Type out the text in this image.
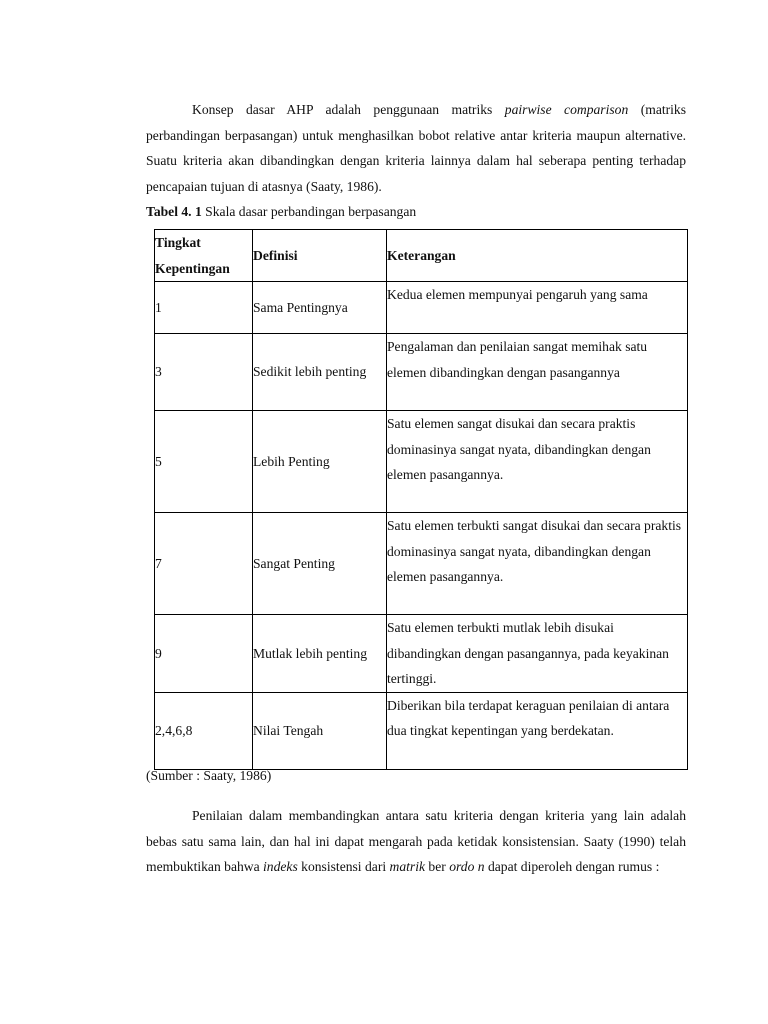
Konsep dasar AHP adalah penggunaan matriks pairwise comparison (matriks perbandingan berpasangan) untuk menghasilkan bobot relative antar kriteria maupun alternative. Suatu kriteria akan dibandingkan dengan kriteria lainnya dalam hal seberapa penting terhadap pencapaian tujuan di atasnya (Saaty, 1986).

Tabel 4. 1 Skala dasar perbandingan berpasangan
Tingkat Kepentingan	Definisi	Keterangan
1	Sama Pentingnya	Kedua elemen mempunyai pengaruh yang sama
3	Sedikit lebih penting	Pengalaman dan penilaian sangat memihak satu elemen dibandingkan dengan pasangannya
5	Lebih Penting	Satu elemen sangat disukai dan secara praktis dominasinya sangat nyata, dibandingkan dengan elemen pasangannya.
7	Sangat Penting	Satu elemen terbukti sangat disukai dan secara praktis dominasinya sangat nyata, dibandingkan dengan elemen pasangannya.
9	Mutlak lebih penting	Satu elemen terbukti mutlak lebih disukai dibandingkan dengan pasangannya, pada keyakinan tertinggi.
2,4,6,8	Nilai Tengah	Diberikan bila terdapat keraguan penilaian di antara dua tingkat kepentingan yang berdekatan.
(Sumber : Saaty, 1986)

Penilaian dalam membandingkan antara satu kriteria dengan kriteria yang lain adalah bebas satu sama lain, dan hal ini dapat mengarah pada ketidak konsistensian. Saaty (1990) telah membuktikan bahwa indeks konsistensi dari matrik ber ordo n dapat diperoleh dengan rumus :
